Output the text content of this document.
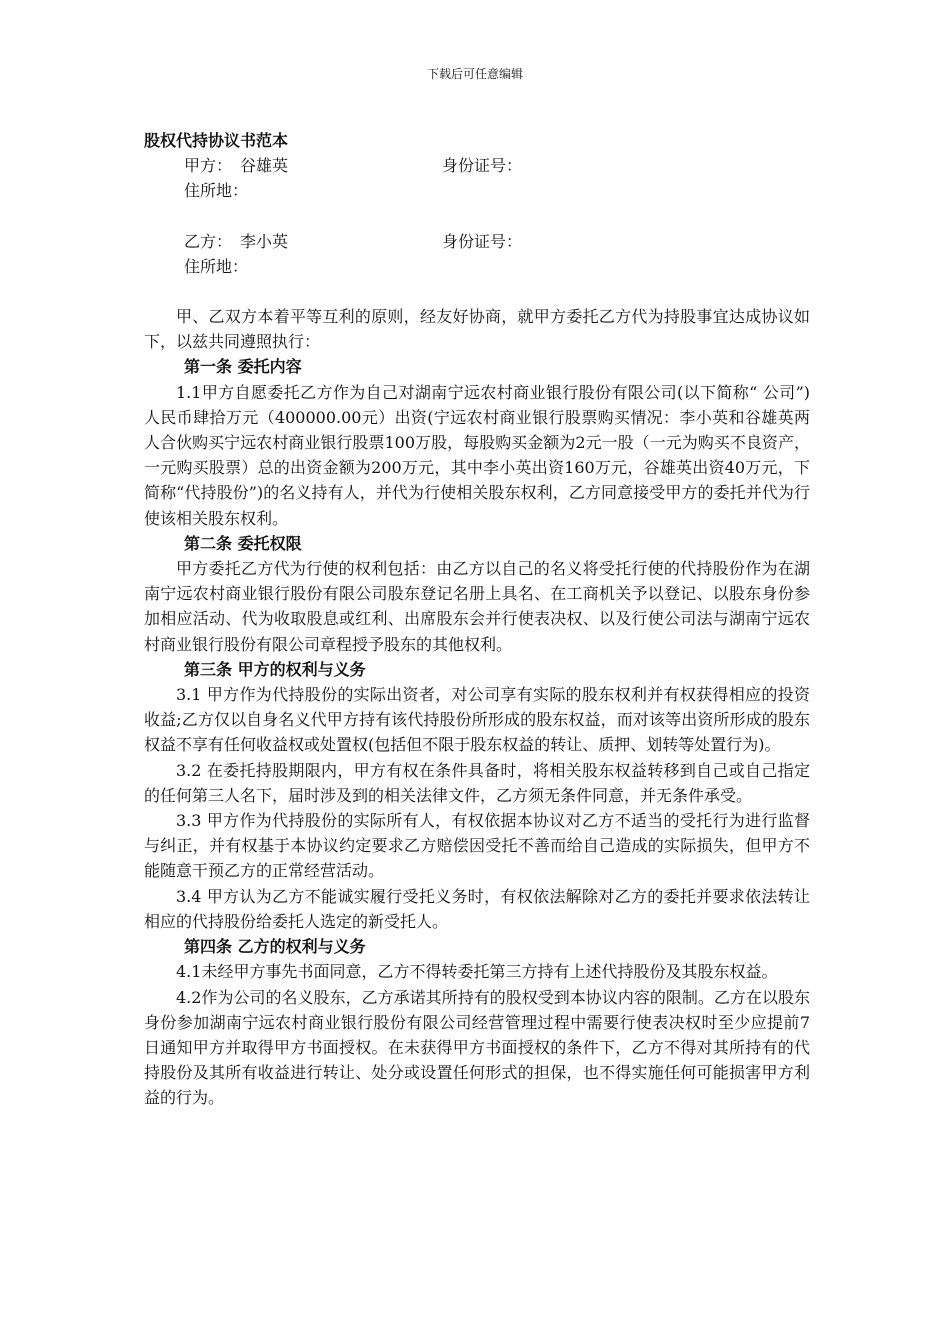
下载后可任意编辑
股权代持协议书范本
甲方： 谷雄英	身份证号：
住所地：
乙方： 李小英	身份证号：
住所地：

甲、乙双方本着平等互利的原则，经友好协商，就甲方委托乙方代为持股事宜达成协议如下，以兹共同遵照执行：

第一条 委托内容

1.1甲方自愿委托乙方作为自己对湖南宁远农村商业银行股份有限公司(以下简称“ 公司”)人民币肆拾万元（400000.00元）出资(宁远农村商业银行股票购买情况：李小英和谷雄英两人合伙购买宁远农村商业银行股票100万股，每股购买金额为2元一股（一元为购买不良资产，一元购买股票）总的出资金额为200万元，其中李小英出资160万元，谷雄英出资40万元，下简称“代持股份”)的名义持有人，并代为行使相关股东权利，乙方同意接受甲方的委托并代为行使该相关股东权利。

第二条 委托权限

甲方委托乙方代为行使的权利包括：由乙方以自己的名义将受托行使的代持股份作为在湖南宁远农村商业银行股份有限公司股东登记名册上具名、在工商机关予以登记、以股东身份参加相应活动、代为收取股息或红利、出席股东会并行使表决权、以及行使公司法与湖南宁远农村商业银行股份有限公司章程授予股东的其他权利。

第三条 甲方的权利与义务

3.1 甲方作为代持股份的实际出资者，对公司享有实际的股东权利并有权获得相应的投资收益;乙方仅以自身名义代甲方持有该代持股份所形成的股东权益，而对该等出资所形成的股东权益不享有任何收益权或处置权(包括但不限于股东权益的转让、质押、划转等处置行为)。

3.2 在委托持股期限内，甲方有权在条件具备时，将相关股东权益转移到自己或自己指定的任何第三人名下，届时涉及到的相关法律文件，乙方须无条件同意，并无条件承受。

3.3 甲方作为代持股份的实际所有人，有权依据本协议对乙方不适当的受托行为进行监督与纠正，并有权基于本协议约定要求乙方赔偿因受托不善而给自己造成的实际损失，但甲方不能随意干预乙方的正常经营活动。

3.4 甲方认为乙方不能诚实履行受托义务时，有权依法解除对乙方的委托并要求依法转让相应的代持股份给委托人选定的新受托人。

第四条 乙方的权利与义务

4.1未经甲方事先书面同意，乙方不得转委托第三方持有上述代持股份及其股东权益。

4.2作为公司的名义股东，乙方承诺其所持有的股权受到本协议内容的限制。乙方在以股东身份参加湖南宁远农村商业银行股份有限公司经营管理过程中需要行使表决权时至少应提前7日通知甲方并取得甲方书面授权。在未获得甲方书面授权的条件下，乙方不得对其所持有的代持股份及其所有收益进行转让、处分或设置任何形式的担保，也不得实施任何可能损害甲方利益的行为。
